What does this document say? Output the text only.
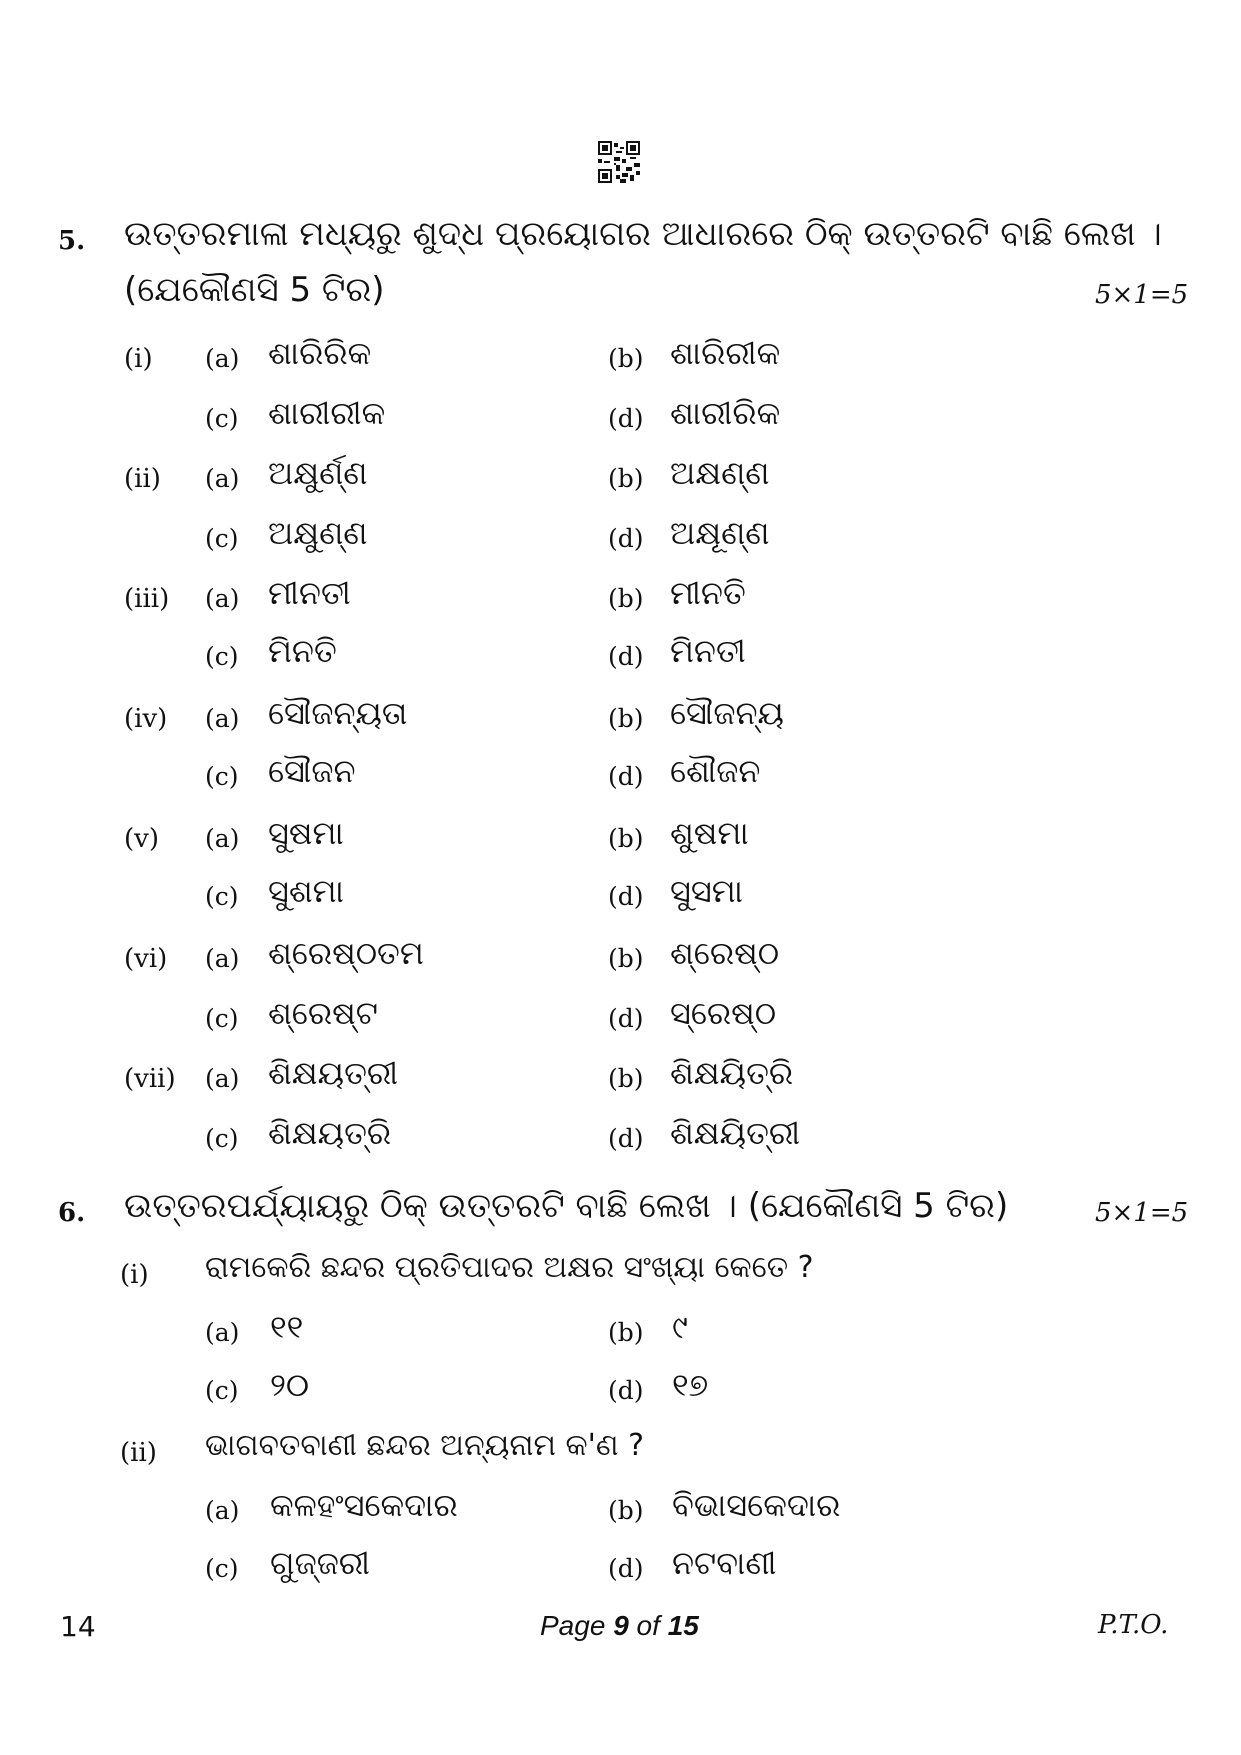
5. ଉତ୍ତରମାଳା ମଧ୍ୟରୁ ଶୁଦ୍ଧ ପ୍ରୟୋଗର ଆଧାରରେ ଠିକ୍ ଉତ୍ତରଟି ବାଛି ଲେଖ ।
(ଯେକୌଣସି 5 ଟିର)	5×1=5
(i) (a) ଶାରିରିକ	(b) ଶାରିରୀକ
(c) ଶାରୀରୀକ	(d) ଶାରୀରିକ
(ii) (a) ଅକ୍ଷୁର୍ଣ୍ଣ	(b) ଅକ୍ଷଣ୍ଣ
(c) ଅକ୍ଷୁଣ୍ଣ	(d) ଅକ୍ଷୂଣ୍ଣ
(iii) (a) ମୀନତୀ	(b) ମୀନତି
(c) ମିନତି	(d) ମିନତୀ
(iv) (a) ସୌଜନ୍ୟତା	(b) ସୌଜନ୍ୟ
(c) ସୌଜନ	(d) ଶୌଜନ
(v) (a) ସୁଷମା	(b) ଶୁଷମା
(c) ସୁଶମା	(d) ସୁସମା
(vi) (a) ଶ୍ରେଷ୍ଠତମ	(b) ଶ୍ରେଷ୍ଠ
(c) ଶ୍ରେଷ୍ଟ	(d) ସ୍ରେଷ୍ଠ
(vii) (a) ଶିକ୍ଷୟତ୍ରୀ	(b) ଶିକ୍ଷୟିତ୍ରି
(c) ଶିକ୍ଷୟତ୍ରି	(d) ଶିକ୍ଷୟିତ୍ରୀ
6. ଉତ୍ତରପର୍ଯ୍ୟାୟରୁ ଠିକ୍ ଉତ୍ତରଟି ବାଛି ଲେଖ । (ଯେକୌଣସି 5 ଟିର)	5×1=5
(i) ରାମକେରି ଛନ୍ଦର ପ୍ରତିପାଦର ଅକ୍ଷର ସଂଖ୍ୟା କେତେ ?
(a) ୧୧	(b) ୯
(c) ୨୦	(d) ୧୭
(ii) ଭାଗବତବାଣୀ ଛନ୍ଦର ଅନ୍ୟନାମ କ'ଣ ?
(a) କଳହଂସକେଦାର	(b) ବିଭାସକେଦାର
(c) ଗୁଜ୍ଜରୀ	(d) ନଟବାଣୀ
14	Page 9 of 15	P.T.O.
